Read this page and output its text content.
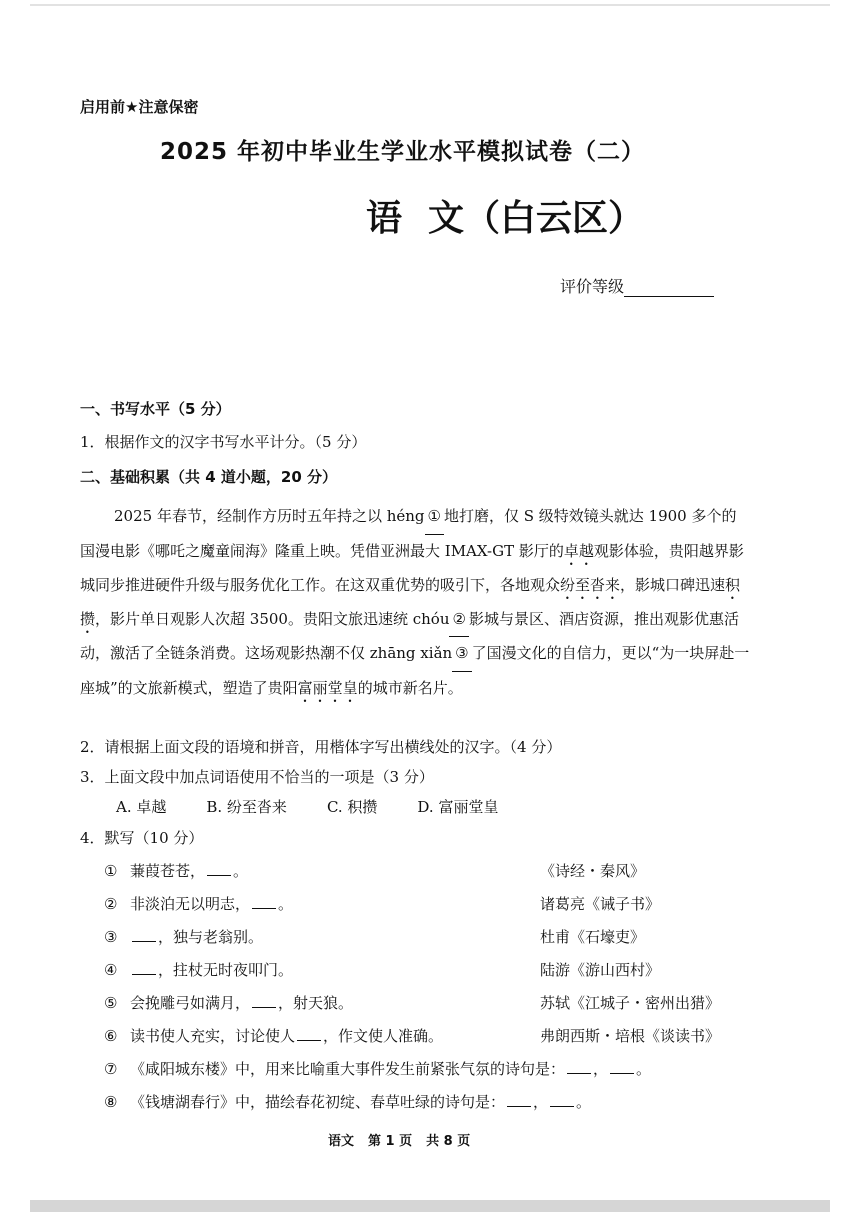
启用前★注意保密
2025 年初中毕业生学业水平模拟试卷（二）
语 文（白云区）
评价等级
一、书写水平（5 分）
1．根据作文的汉字书写水平计分。（5 分）
二、基础积累（共 4 道小题，20 分）
2025 年春节，经制作方历时五年持之以 héng ① 地打磨，仅 S 级特效镜头就达 1900 多个的国漫电影《哪吒之魔童闹海》隆重上映。凭借亚洲最大 IMAX-GT 影厅的卓越观影体验，贵阳越界影城同步推进硬件升级与服务优化工作。在这双重优势的吸引下，各地观众纷至沓来，影城口碑迅速积攒，影片单日观影人次超 3500。贵阳文旅迅速统 chóu ② 影城与景区、酒店资源，推出观影优惠活动，激活了全链条消费。这场观影热潮不仅 zhāng xiǎn ③ 了国漫文化的自信力，更以“为一块屏赴一座城”的文旅新模式，塑造了贵阳富丽堂皇的城市新名片。
2．请根据上面文段的语境和拼音，用楷体字写出横线处的汉字。（4 分）
3．上面文段中加点词语使用不恰当的一项是（3 分）
A. 卓越	B. 纷至沓来	C. 积攒	D. 富丽堂皇
4．默写（10 分）
① 蒹葭苍苍， 。	《诗经・秦风》
② 非淡泊无以明志， 。	诸葛亮《诫子书》
③	，独与老翁别。	杜甫《石壕吏》
④	，拄杖无时夜叩门。	陆游《游山西村》
⑤ 会挽雕弓如满月， ，射天狼。	苏轼《江城子・密州出猎》
⑥ 读书使人充实，讨论使人 ，作文使人准确。	弗朗西斯・培根《谈读书》
⑦ 《咸阳城东楼》中，用来比喻重大事件发生前紧张气氛的诗句是： ， 。
⑧ 《钱塘湖春行》中，描绘春花初绽、春草吐绿的诗句是： ， 。
语文 第 1 页 共 8 页
